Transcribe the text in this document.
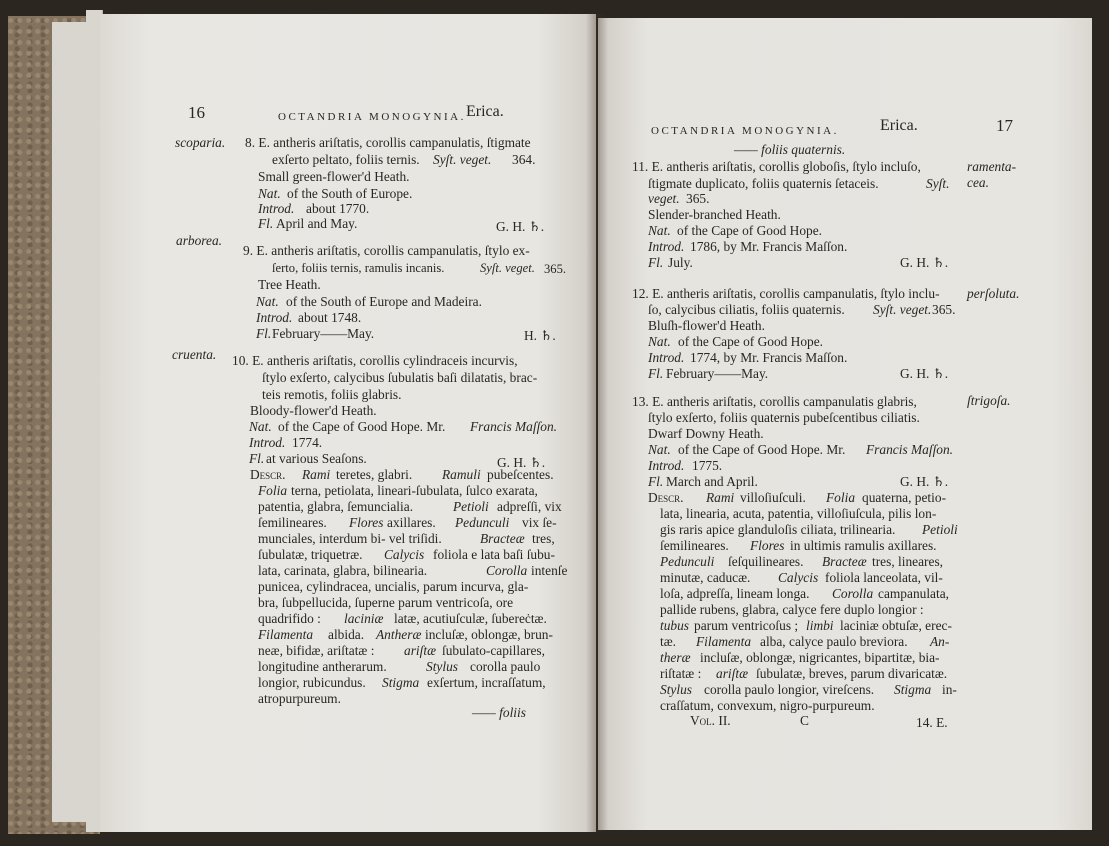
16	OCTANDRIA MONOGYNIA. Erica.
scoparia.
arborea.
cruenta.
8. E. antheris ariſtatis, corollis campanulatis, ſtigmate
exſerto peltato, foliis ternis. Syſt. veget. 364.
Small green-flower'd Heath.
Nat. of the South of Europe.
Introd. about 1770.
Fl. April and May.	G. H. ♄.
9. E. antheris ariſtatis, corollis campanulatis, ſtylo ex-
ſerto, foliis ternis, ramulis incanis.	Syſt. veget. 365.
Tree Heath.
Nat. of the South of Europe and Madeira.
Introd. about 1748.
Fl. February——May.	H. ♄.
10. E. antheris ariſtatis, corollis cylindraceis incurvis,
ſtylo exſerto, calycibus ſubulatis baſi dilatatis, brac-
teis remotis, foliis glabris.
Bloody-flower'd Heath.
Nat. of the Cape of Good Hope. Mr. Francis Maſſon.
Introd. 1774.
Fl. at various Seaſons.	G. H. ♄.
Descr. Rami teretes, glabri. Ramuli pubeſcentes.
Folia terna, petiolata, lineari-ſubulata, ſulco exarata,
patentia, glabra, ſemuncialia.	Petioli adpreſſi, vix
ſemilineares. Flores axillares. Pedunculi vix ſe-
munciales, interdum bi- vel triſidi.	Bracteæ tres,
ſubulatæ, triquetræ. Calycis foliola e lata baſi ſubu-
lata, carinata, glabra, bilinearia.	Corolla intenſe
punicea, cylindracea, uncialis, parum incurva, gla-
bra, ſubpellucida, ſuperne parum ventricoſa, ore
quadrifido : laciniæ latæ, acutiuſculæ, ſubereċtæ.
Filamenta albida. Antheræ incluſæ, oblongæ, brun-
neæ, bifidæ, ariſtatæ : ariſtæ ſubulato-capillares,
longitudine antherarum.	Stylus corolla paulo
longior, rubicundus. Stigma exſertum, incraſſatum,
atropurpureum.
—— foliis
OCTANDRIA MONOGYNIA.	Erica.	17
ramenta-
cea.
perſoluta.
ſtrigoſa.
—— foliis quaternis.
11. E. antheris ariſtatis, corollis globoſis, ſtylo incluſo,
ſtigmate duplicato, foliis quaternis ſetaceis.	Syſt.
veget. 365.
Slender-branched Heath.
Nat. of the Cape of Good Hope.
Introd. 1786, by Mr. Francis Maſſon.
Fl. July.	G. H. ♄.
12. E. antheris ariſtatis, corollis campanulatis, ſtylo inclu-
ſo, calycibus ciliatis, foliis quaternis. Syſt. veget. 365.
Bluſh-flower'd Heath.
Nat. of the Cape of Good Hope.
Introd. 1774, by Mr. Francis Maſſon.
Fl. February——May.	G. H. ♄.
13. E. antheris ariſtatis, corollis campanulatis glabris,
ſtylo exſerto, foliis quaternis pubeſcentibus ciliatis.
Dwarf Downy Heath.
Nat. of the Cape of Good Hope. Mr. Francis Maſſon.
Introd. 1775.
Fl. March and April.	G. H. ♄.
Descr. Rami villoſiuſculi. Folia quaterna, petio-
lata, linearia, acuta, patentia, villoſiuſcula, pilis lon-
gis raris apice glanduloſis ciliata, trilinearia. Petioli
ſemilineares. Flores in ultimis ramulis axillares.
Pedunculi ſeſquilineares. Bracteæ tres, lineares,
minutæ, caducæ. Calycis foliola lanceolata, vil-
loſa, adpreſſa, lineam longa. Corolla campanulata,
pallide rubens, glabra, calyce fere duplo longior :
tubus parum ventricoſus ; limbi laciniæ obtuſæ, erec-
tæ. Filamenta alba, calyce paulo breviora. An-
theræ incluſæ, oblongæ, nigricantes, bipartitæ, bia-
riſtatæ : ariſtæ ſubulatæ, breves, parum divaricatæ.
Stylus corolla paulo longior, vireſcens. Stigma in-
craſſatum, convexum, nigro-purpureum.
Vol. II.	C	14. E.
